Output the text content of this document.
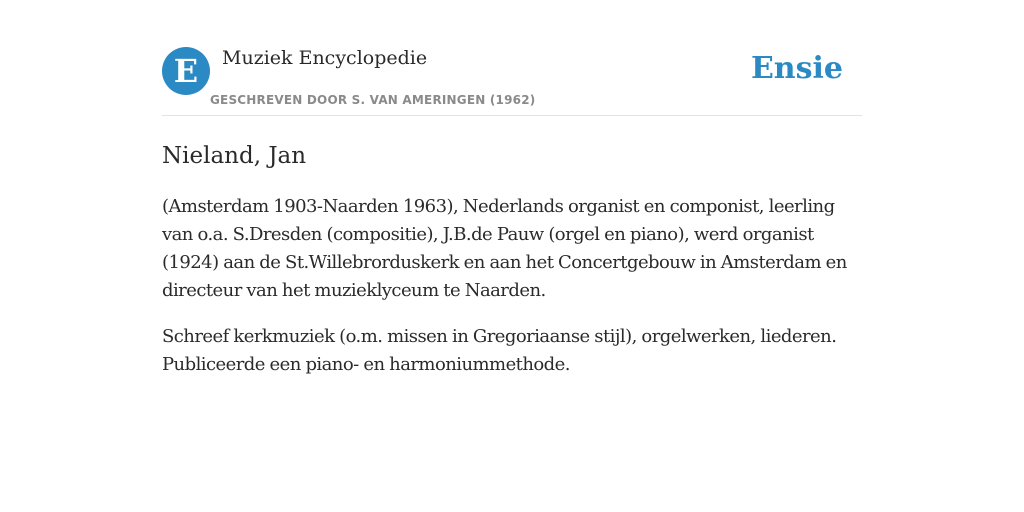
E	Muziek Encyclopedie
GESCHREVEN DOOR S. VAN AMERINGEN (1962)
Ensie
Nieland, Jan

(Amsterdam 1903-Naarden 1963), Nederlands organist en componist, leerling van o.a. S.Dresden (compositie), J.B.de Pauw (orgel en piano), werd organist (1924) aan de St.Willebrorduskerk en aan het Concertgebouw in Amsterdam en directeur van het muzieklyceum te Naarden.

Schreef kerkmuziek (o.m. missen in Gregoriaanse stijl), orgelwerken, liederen. Publiceerde een piano- en harmoniummethode.
